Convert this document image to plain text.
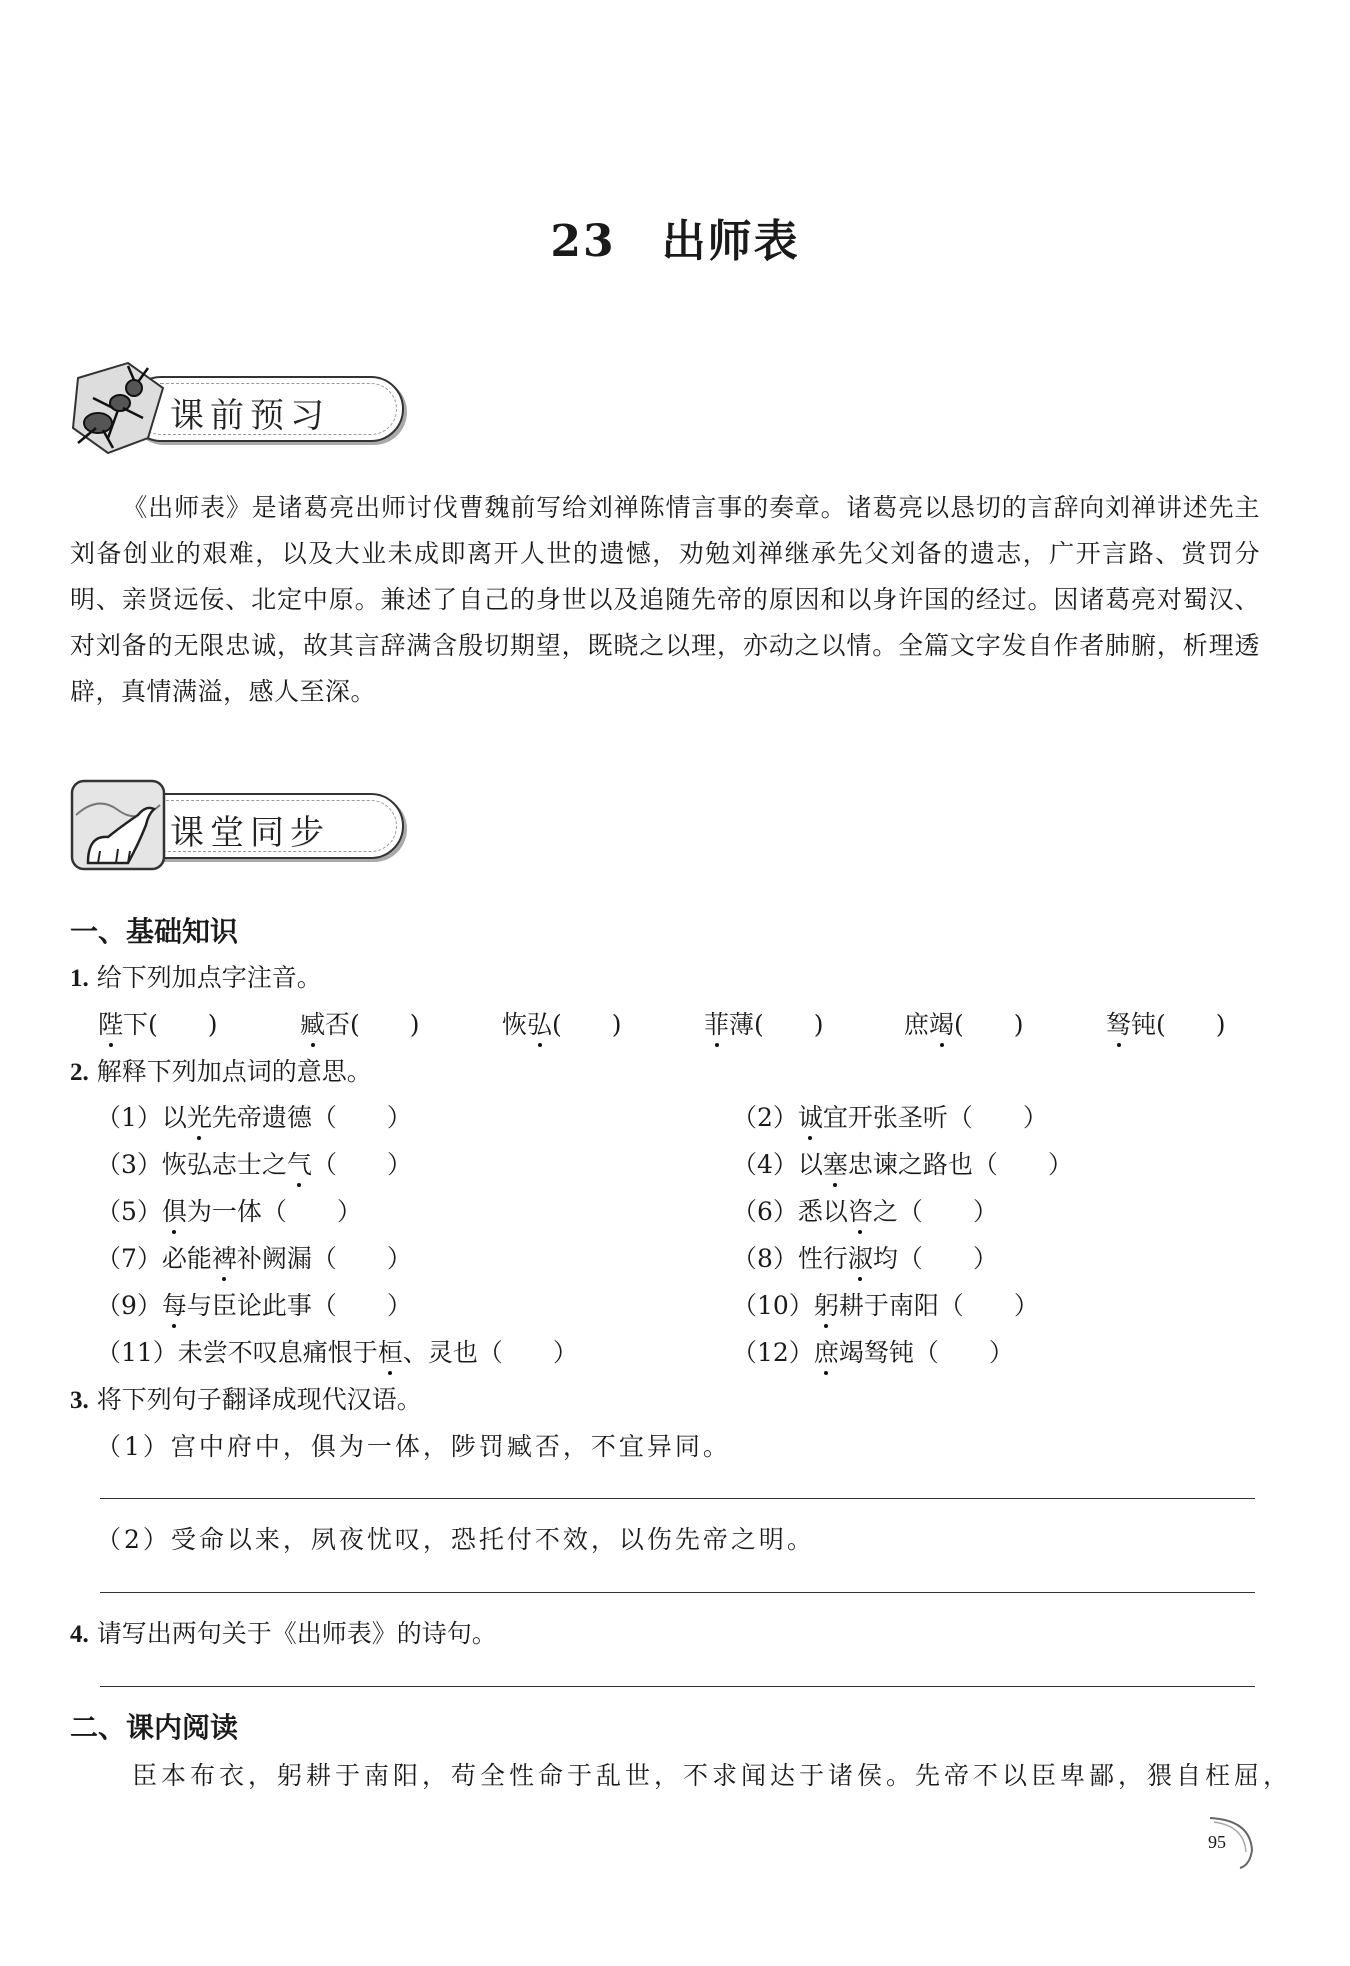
23 出师表
课前预习
《出师表》是诸葛亮出师讨伐曹魏前写给刘禅陈情言事的奏章。诸葛亮以恳切的言辞向刘禅讲述先主刘备创业的艰难，以及大业未成即离开人世的遗憾，劝勉刘禅继承先父刘备的遗志，广开言路、赏罚分明、亲贤远佞、北定中原。兼述了自己的身世以及追随先帝的原因和以身许国的经过。因诸葛亮对蜀汉、对刘备的无限忠诚，故其言辞满含殷切期望，既晓之以理，亦动之以情。全篇文字发自作者肺腑，析理透辟，真情满溢，感人至深。
课堂同步
一、基础知识
1. 给下列加点字注音。
陛下(　　)	臧否(　　)	恢弘(　　)	菲薄(　　)	庶竭(　　)	驽钝(　　)
2. 解释下列加点词的意思。
（1）以光先帝遗德（　　）	（2）诚宜开张圣听（　　）
（3）恢弘志士之气（　　）	（4）以塞忠谏之路也（　　）
（5）俱为一体（　　）	（6）悉以咨之（　　）
（7）必能裨补阙漏（　　）	（8）性行淑均（　　）
（9）每与臣论此事（　　）	（10）躬耕于南阳（　　）
（11）未尝不叹息痛恨于桓、灵也（　　）	（12）庶竭驽钝（　　）
3. 将下列句子翻译成现代汉语。
（1）宫中府中，俱为一体，陟罚臧否，不宜异同。
（2）受命以来，夙夜忧叹，恐托付不效，以伤先帝之明。
4. 请写出两句关于《出师表》的诗句。
二、课内阅读
臣本布衣，躬耕于南阳，苟全性命于乱世，不求闻达于诸侯。先帝不以臣卑鄙，猥自枉屈，
95
